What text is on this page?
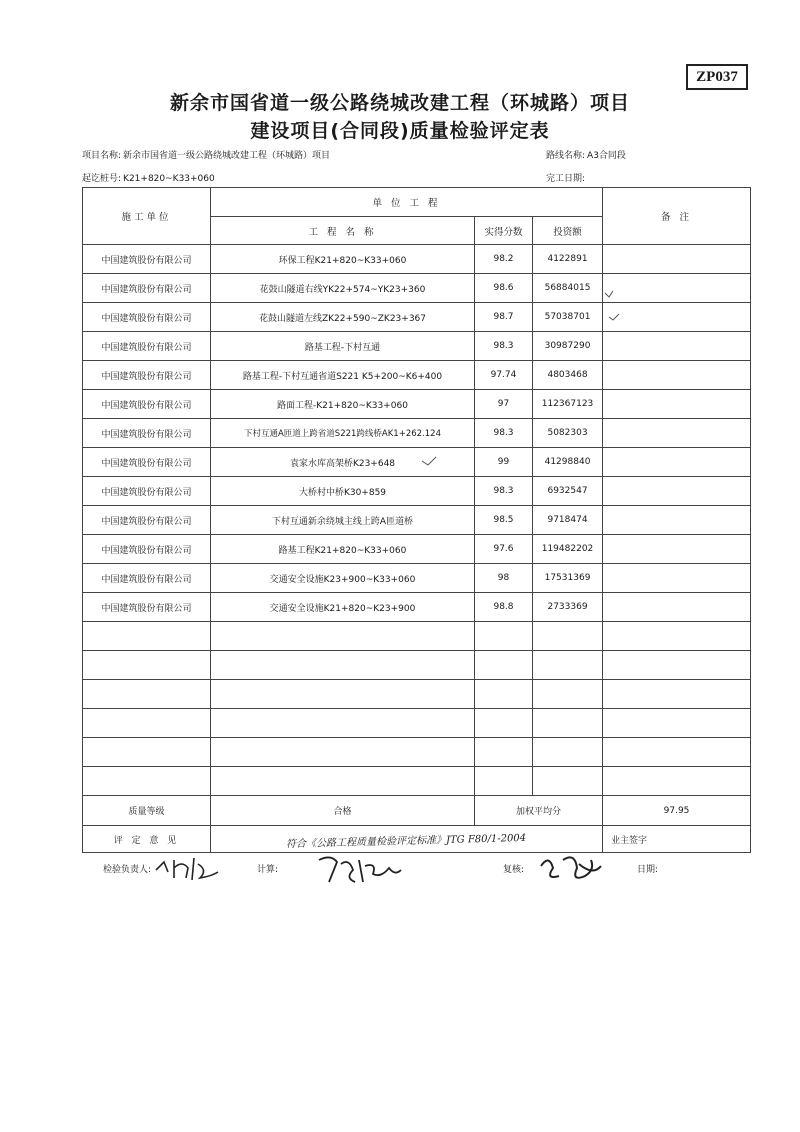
ZP037
新余市国省道一级公路绕城改建工程（环城路）项目
建设项目(合同段)质量检验评定表
项目名称: 新余市国省道一级公路绕城改建工程（环城路）项目	路线名称: A3合同段
起讫桩号: K21+820~K33+060	完工日期:
施工单位	单 位 工 程			备 注
	工 程 名 称	实得分数	投资额	
中国建筑股份有限公司	环保工程K21+820~K33+060	98.2	4122891	
中国建筑股份有限公司	花鼓山隧道右线YK22+574~YK23+360	98.6	56884015	
中国建筑股份有限公司	花鼓山隧道左线ZK22+590~ZK23+367	98.7	57038701	
中国建筑股份有限公司	路基工程-下村互通	98.3	30987290	
中国建筑股份有限公司	路基工程-下村互通省道S221 K5+200~K6+400	97.74	4803468	
中国建筑股份有限公司	路面工程-K21+820~K33+060	97	112367123	
中国建筑股份有限公司	下村互通A匝道上跨省道S221跨线桥AK1+262.124	98.3	5082303	
中国建筑股份有限公司	袁家水库高架桥K23+648	99	41298840	
中国建筑股份有限公司	大桥村中桥K30+859	98.3	6932547	
中国建筑股份有限公司	下村互通新余绕城主线上跨A匝道桥	98.5	9718474	
中国建筑股份有限公司	路基工程K21+820~K33+060	97.6	119482202	
中国建筑股份有限公司	交通安全设施K23+900~K33+060	98	17531369	
中国建筑股份有限公司	交通安全设施K21+820~K23+900	98.8	2733369	

质量等级	合格	加权平均分		97.95
评 定 意 见	符合《公路工程质量检验评定标准》JTG F80/1-2004			业主签字
检验负责人:	计算:	复核:	日期:
